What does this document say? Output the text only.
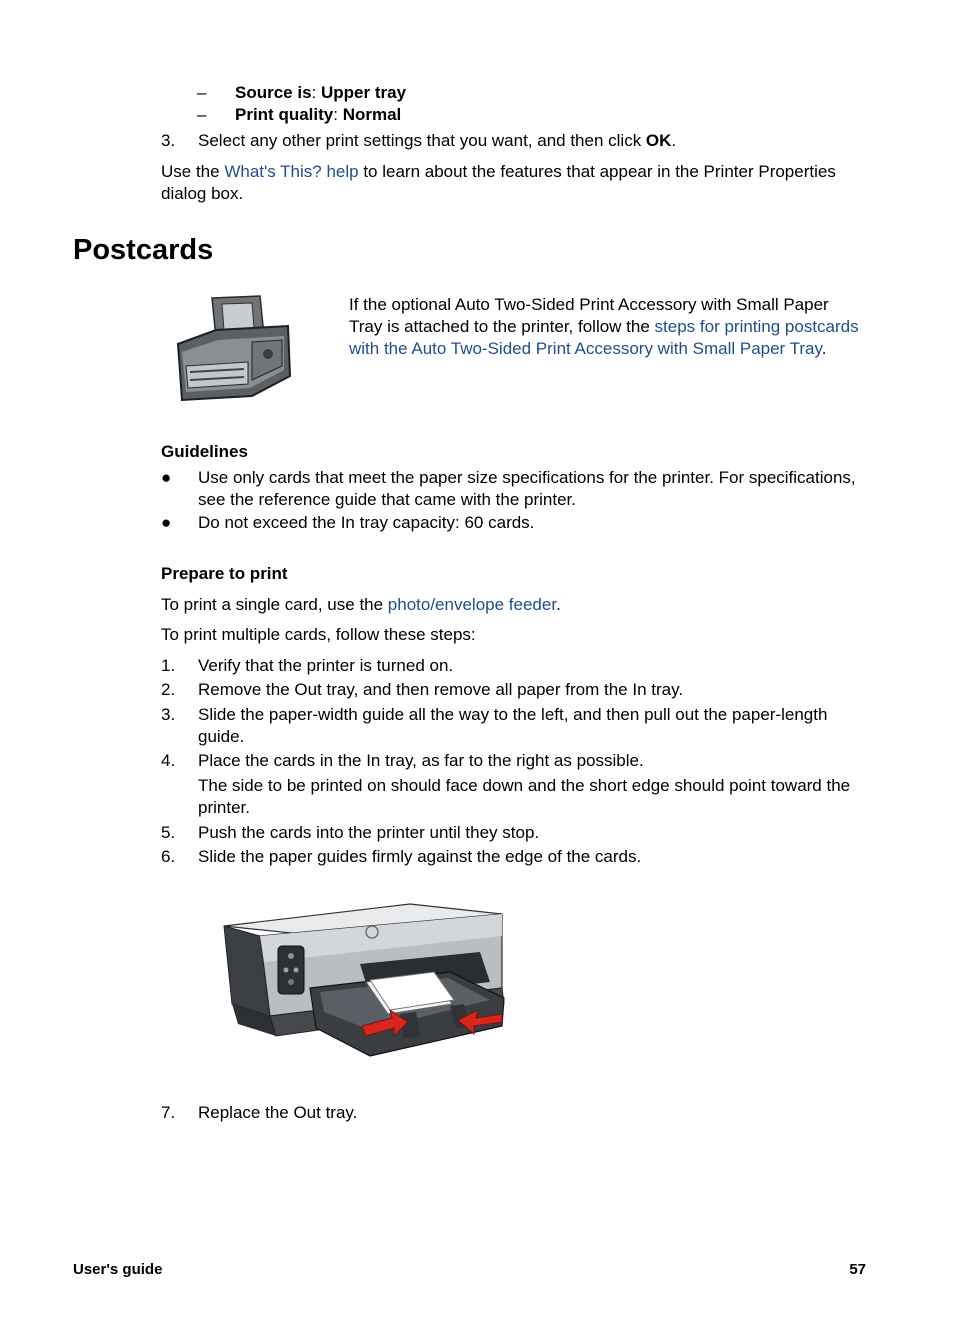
– Source is: Upper tray
– Print quality: Normal
3. Select any other print settings that you want, and then click OK.
Use the What's This? help to learn about the features that appear in the Printer Properties dialog box.
Postcards
If the optional Auto Two-Sided Print Accessory with Small Paper Tray is attached to the printer, follow the steps for printing postcards with the Auto Two-Sided Print Accessory with Small Paper Tray.
Guidelines
● Use only cards that meet the paper size specifications for the printer. For specifications, see the reference guide that came with the printer.
● Do not exceed the In tray capacity: 60 cards.
Prepare to print
To print a single card, use the photo/envelope feeder.
To print multiple cards, follow these steps:
1. Verify that the printer is turned on.
2. Remove the Out tray, and then remove all paper from the In tray.
3. Slide the paper-width guide all the way to the left, and then pull out the paper-length guide.
4. Place the cards in the In tray, as far to the right as possible.
The side to be printed on should face down and the short edge should point toward the printer.
5. Push the cards into the printer until they stop.
6. Slide the paper guides firmly against the edge of the cards.
7. Replace the Out tray.
User's guide	57
